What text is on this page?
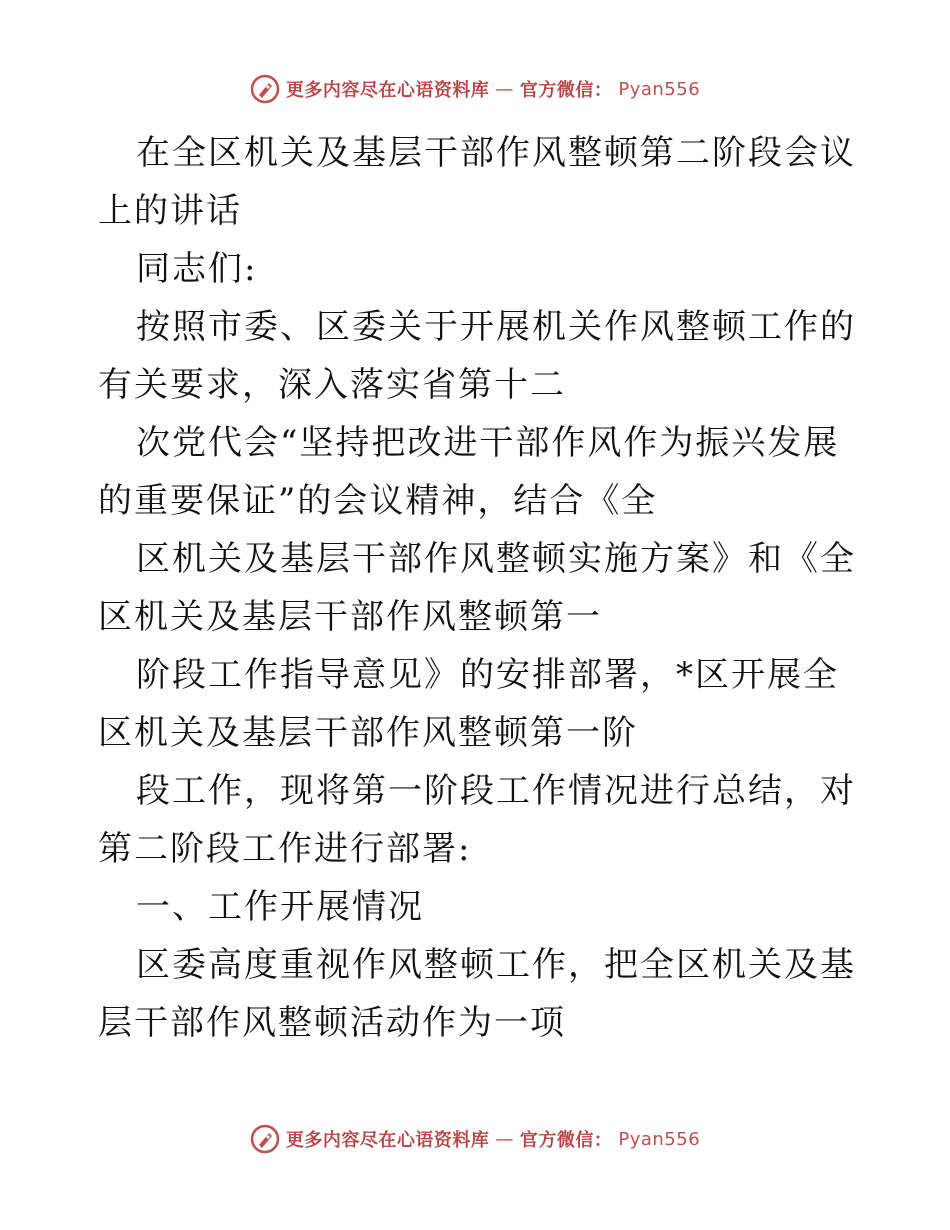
更多内容尽在心语资料库 — 官方微信： Pyan556

在全区机关及基层干部作风整顿第二阶段会议上的讲话

同志们:

按照市委、区委关于开展机关作风整顿工作的有关要求，深入落实省第十二

次党代会“坚持把改进干部作风作为振兴发展的重要保证”的会议精神，结合《全

区机关及基层干部作风整顿实施方案》和《全区机关及基层干部作风整顿第一

阶段工作指导意见》的安排部署，*区开展全区机关及基层干部作风整顿第一阶

段工作，现将第一阶段工作情况进行总结，对第二阶段工作进行部署:

一、工作开展情况

区委高度重视作风整顿工作，把全区机关及基层干部作风整顿活动作为一项

更多内容尽在心语资料库 — 官方微信： Pyan556
